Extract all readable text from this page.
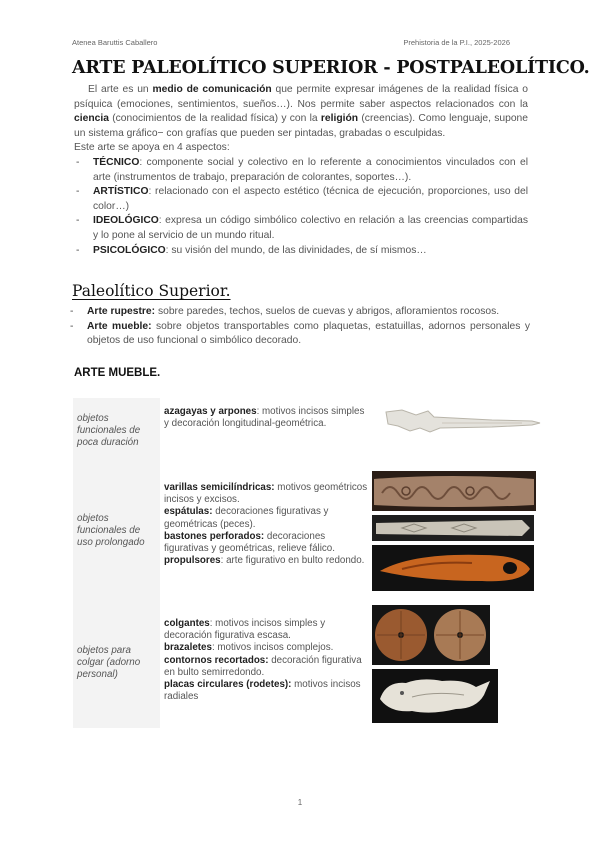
Atenea Baruttis Caballero	Prehistoria de la P.I., 2025-2026
ARTE PALEOLÍTICO SUPERIOR - POSTPALEOLÍTICO.

El arte es un medio de comunicación que permite expresar imágenes de la realidad física o psíquica (emociones, sentimientos, sueños…). Nos permite saber aspectos relacionados con la ciencia (conocimientos de la realidad física) y con la religión (creencias). Como lenguaje, supone un sistema gráfico− con grafías que pueden ser pintadas, grabadas o esculpidas.

Este arte se apoya en 4 aspectos:

- TÉCNICO: componente social y colectivo en lo referente a conocimientos vinculados con el arte (instrumentos de trabajo, preparación de colorantes, soportes…).
- ARTÍSTICO: relacionado con el aspecto estético (técnica de ejecución, proporciones, uso del color…)
- IDEOLÓGICO: expresa un código simbólico colectivo en relación a las creencias compartidas y lo pone al servicio de un mundo ritual.
- PSICOLÓGICO: su visión del mundo, de las divinidades, de sí mismos…
Paleolítico Superior.
- Arte rupestre: sobre paredes, techos, suelos de cuevas y abrigos, afloramientos rocosos.
- Arte mueble: sobre objetos transportables como plaquetas, estatuillas, adornos personales y objetos de uso funcional o simbólico decorado.
ARTE MUEBLE.
objetos funcionales de poca duración	azagayas y arpones: motivos incisos simples y decoración longitudinal-geométrica.	

objetos funcionales de uso prolongado	varillas semicilíndricas: motivos geométricos incisos y excisos.
espátulas: decoraciones figurativas y geométricas (peces).
bastones perforados: decoraciones figurativas y geométricas, relieve fálico.
propulsores: arte figurativo en bulto redondo.	

objetos para colgar (adorno personal)	colgantes: motivos incisos simples y decoración figurativa escasa.
brazaletes: motivos incisos complejos.
contornos recortados: decoración figurativa en bulto semirredondo.
placas circulares (rodetes): motivos incisos radiales	
1
